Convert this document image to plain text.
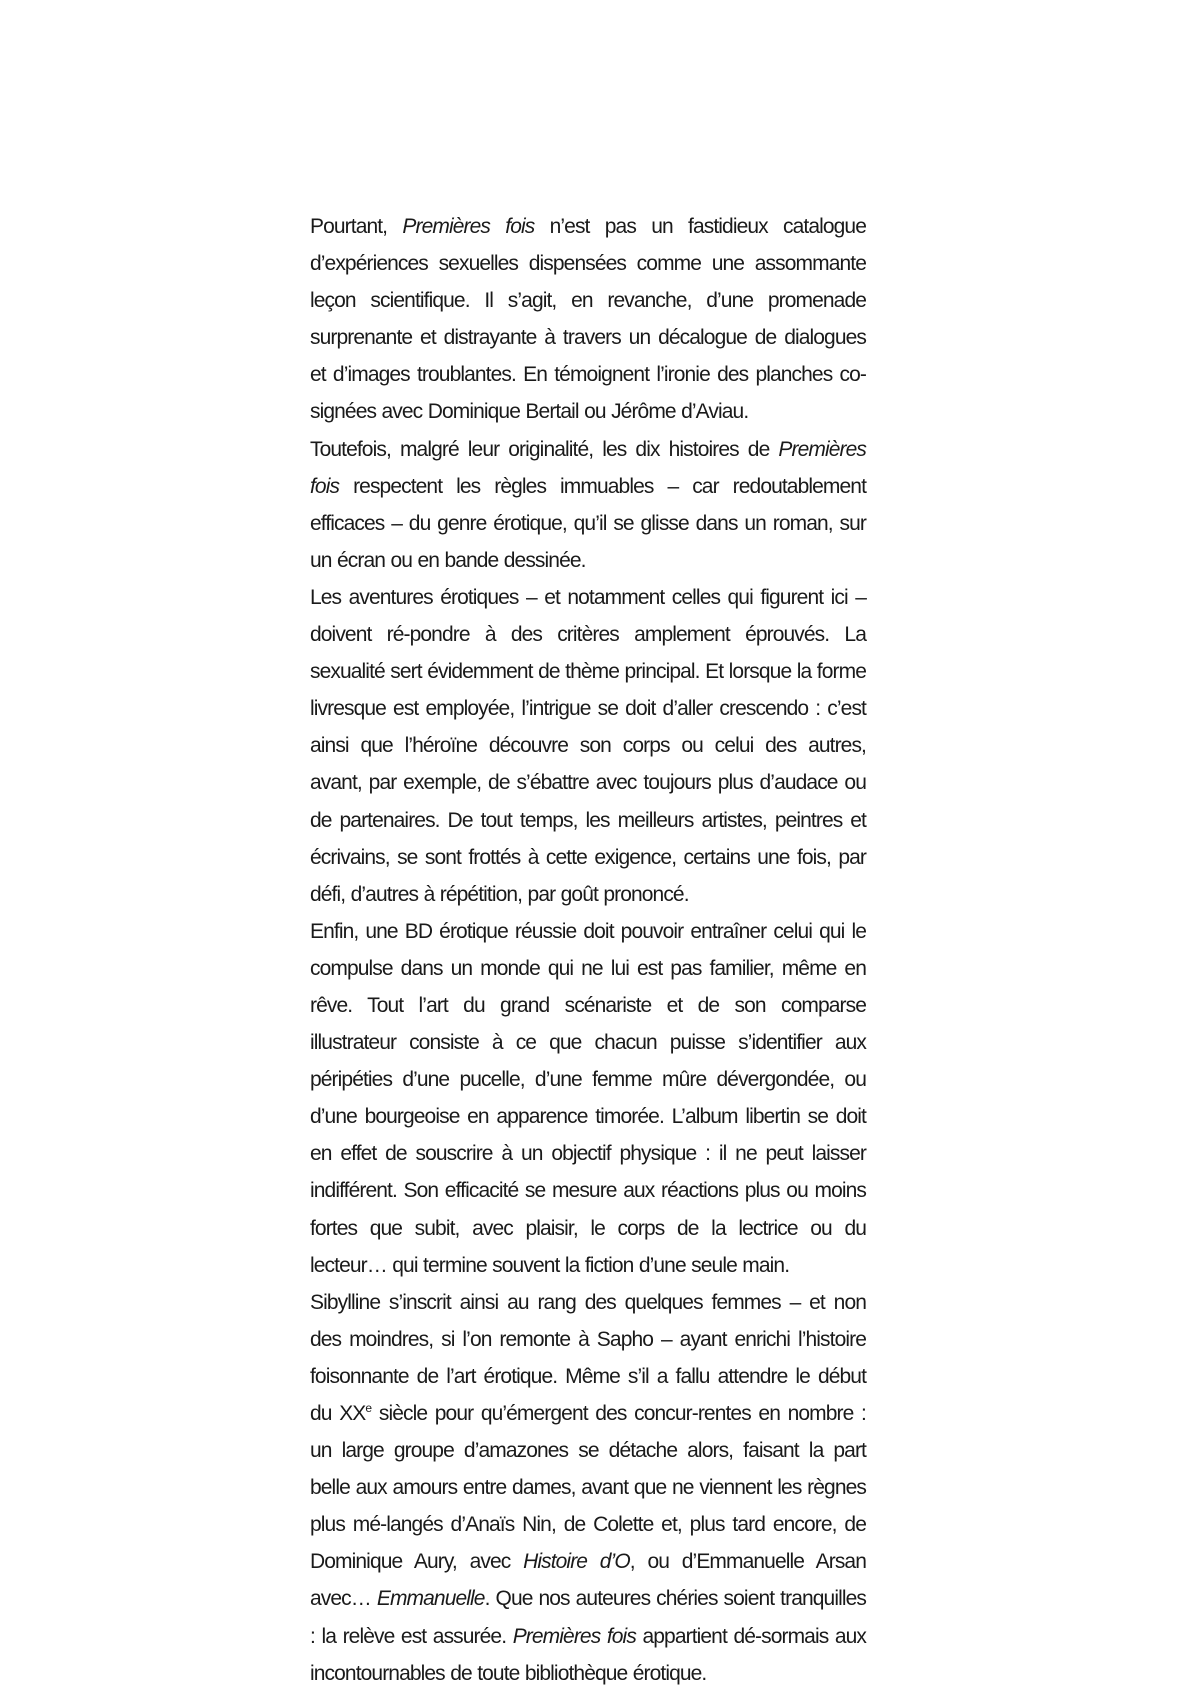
Pourtant, Premières fois n’est pas un fastidieux catalogue d’expériences sexuelles dispensées comme une assommante leçon scientifique. Il s’agit, en revanche, d’une promenade surprenante et distrayante à travers un décalogue de dialogues et d’images troublantes. En témoignent l’ironie des planches co-signées avec Dominique Bertail ou Jérôme d’Aviau.

Toutefois, malgré leur originalité, les dix histoires de Premières fois respectent les règles immuables – car redoutablement efficaces – du genre érotique, qu’il se glisse dans un roman, sur un écran ou en bande dessinée.

Les aventures érotiques – et notamment celles qui figurent ici – doivent ré-pondre à des critères amplement éprouvés. La sexualité sert évidemment de thème principal. Et lorsque la forme livresque est employée, l’intrigue se doit d’aller crescendo : c’est ainsi que l’héroïne découvre son corps ou celui des autres, avant, par exemple, de s’ébattre avec toujours plus d’audace ou de partenaires. De tout temps, les meilleurs artistes, peintres et écrivains, se sont frottés à cette exigence, certains une fois, par défi, d’autres à répétition, par goût prononcé.

Enfin, une BD érotique réussie doit pouvoir entraîner celui qui le compulse dans un monde qui ne lui est pas familier, même en rêve. Tout l’art du grand scénariste et de son comparse illustrateur consiste à ce que chacun puisse s’identifier aux péripéties d’une pucelle, d’une femme mûre dévergondée, ou d’une bourgeoise en apparence timorée. L’album libertin se doit en effet de souscrire à un objectif physique : il ne peut laisser indifférent. Son efficacité se mesure aux réactions plus ou moins fortes que subit, avec plaisir, le corps de la lectrice ou du lecteur… qui termine souvent la fiction d’une seule main.

Sibylline s’inscrit ainsi au rang des quelques femmes – et non des moindres, si l’on remonte à Sapho – ayant enrichi l’histoire foisonnante de l’art érotique. Même s’il a fallu attendre le début du XXe siècle pour qu’émergent des concur-rentes en nombre : un large groupe d’amazones se détache alors, faisant la part belle aux amours entre dames, avant que ne viennent les règnes plus mé-langés d’Anaïs Nin, de Colette et, plus tard encore, de Dominique Aury, avec Histoire d’O, ou d’Emmanuelle Arsan avec… Emmanuelle. Que nos auteures chéries soient tranquilles : la relève est assurée. Premières fois appartient dé-sormais aux incontournables de toute bibliothèque érotique.
